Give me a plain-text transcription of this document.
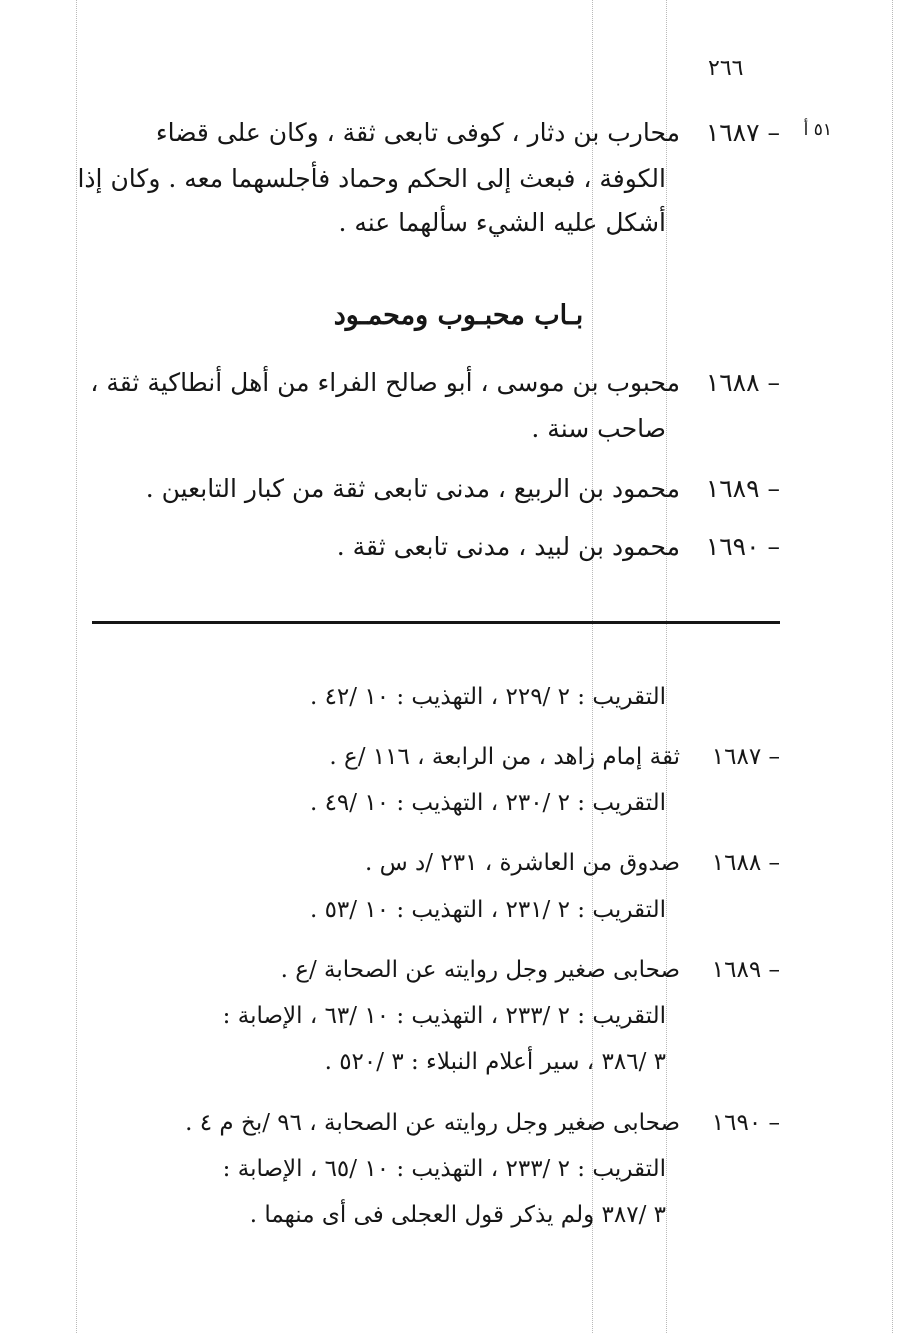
٢٦٦
٥١ أ
١٦٨٧ –
محارب بن دثار ، كوفى تابعى ثقة ، وكان على قضاء
الكوفة ، فبعث إلى الحكم وحماد فأجلسهما معه . وكان إذا
أشكل عليه الشيء سألهما عنه .
بـاب محبـوب ومحمـود
١٦٨٨ –
محبوب بن موسى ، أبو صالح الفراء من أهل أنطاكية ثقة ،
صاحب سنة .
١٦٨٩ –
محمود بن الربيع ، مدنى تابعى ثقة من كبار التابعين .
١٦٩٠ –
محمود بن لبيد ، مدنى تابعى ثقة .
التقريب : ٢ /٢٢٩ ، التهذيب : ١٠ /٤٢ .
١٦٨٧ –
ثقة إمام زاهد ، من الرابعة ، ١١٦ /ع .
التقريب : ٢ /٢٣٠ ، التهذيب : ١٠ /٤٩ .
١٦٨٨ –
صدوق من العاشرة ، ٢٣١ /د س .
التقريب : ٢ /٢٣١ ، التهذيب : ١٠ /٥٣ .
١٦٨٩ –
صحابى صغير وجل روايته عن الصحابة /ع .
التقريب : ٢ /٢٣٣ ، التهذيب : ١٠ /٦٣ ، الإصابة :
٣ /٣٨٦ ، سير أعلام النبلاء : ٣ /٥٢٠ .
١٦٩٠ –
صحابى صغير وجل روايته عن الصحابة ، ٩٦ /بخ م ٤ .
التقريب : ٢ /٢٣٣ ، التهذيب : ١٠ /٦٥ ، الإصابة :
٣ /٣٨٧ ولم يذكر قول العجلى فى أى منهما .
